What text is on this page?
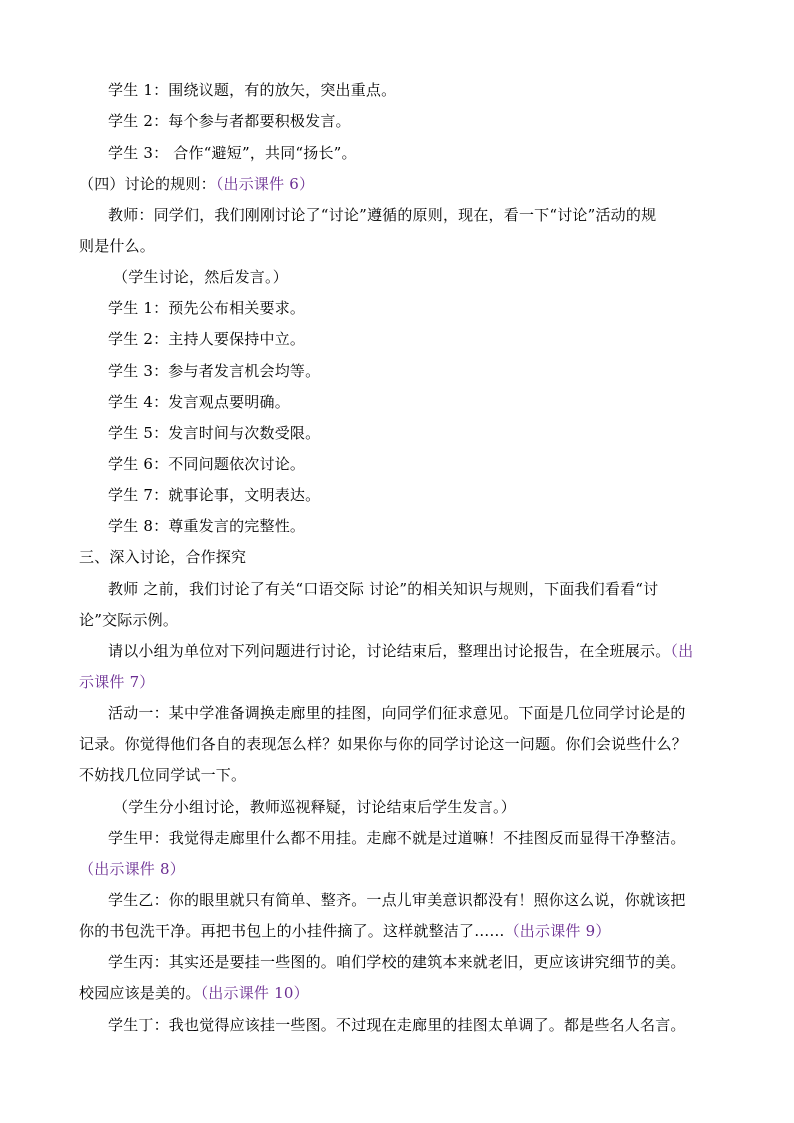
学生 1：围绕议题，有的放矢，突出重点。
学生 2：每个参与者都要积极发言。
学生 3： 合作“避短”，共同“扬长”。
（四）讨论的规则：（出示课件 6）
教师：同学们，我们刚刚讨论了“讨论”遵循的原则，现在，看一下“讨论”活动的规
则是什么。
（学生讨论，然后发言。）
学生 1：预先公布相关要求。
学生 2：主持人要保持中立。
学生 3：参与者发言机会均等。
学生 4：发言观点要明确。
学生 5：发言时间与次数受限。
学生 6：不同问题依次讨论。
学生 7：就事论事，文明表达。
学生 8：尊重发言的完整性。
三、深入讨论，合作探究
教师 之前，我们讨论了有关“口语交际 讨论”的相关知识与规则，下面我们看看“讨
论”交际示例。
请以小组为单位对下列问题进行讨论，讨论结束后，整理出讨论报告，在全班展示。（出
示课件 7）
活动一：某中学准备调换走廊里的挂图，向同学们征求意见。下面是几位同学讨论是的
记录。你觉得他们各自的表现怎么样？如果你与你的同学讨论这一问题。你们会说些什么？
不妨找几位同学试一下。
（学生分小组讨论，教师巡视释疑，讨论结束后学生发言。）
学生甲：我觉得走廊里什么都不用挂。走廊不就是过道嘛！不挂图反而显得干净整洁。
（出示课件 8）
学生乙：你的眼里就只有简单、整齐。一点儿审美意识都没有！照你这么说，你就该把
你的书包洗干净。再把书包上的小挂件摘了。这样就整洁了……（出示课件 9）
学生丙：其实还是要挂一些图的。咱们学校的建筑本来就老旧，更应该讲究细节的美。
校园应该是美的。（出示课件 10）
学生丁：我也觉得应该挂一些图。不过现在走廊里的挂图太单调了。都是些名人名言。
